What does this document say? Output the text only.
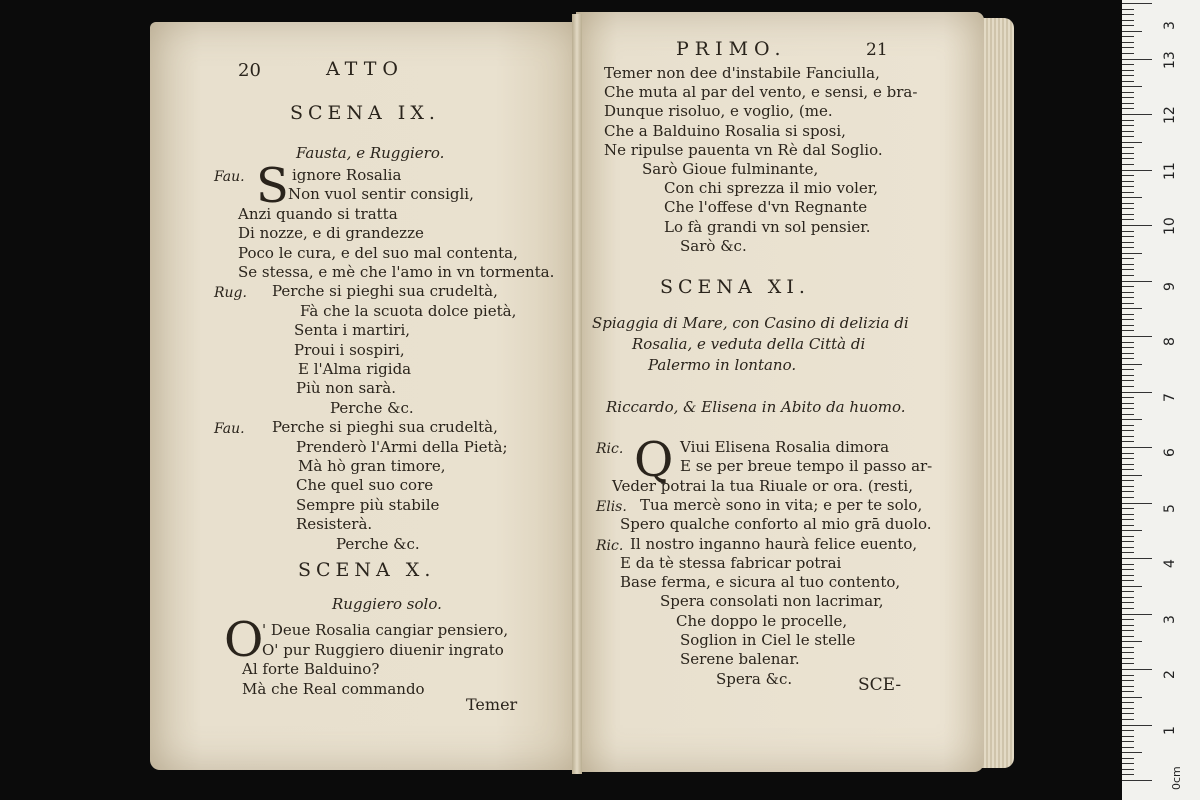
20	ATTO
SCENA IX.
Fausta, e Ruggiero.
S
Fau.	ignore Rosalia
Non vuol sentir consigli,
Anzi quando si tratta
Di nozze, e di grandezze
Poco le cura, e del suo mal contenta,
Se stessa, e mè che l'amo in vn tormenta.
Rug. Perche si pieghi sua crudeltà,
Fà che la scuota dolce pietà,
Senta i martiri,
Proui i sospiri,
E l'Alma rigida
Più non sarà.
Perche &c.
Fau. Perche si pieghi sua crudeltà,
Prenderò l'Armi della Pietà;
Mà hò gran timore,
Che quel suo core
Sempre più stabile
Resisterà.
Perche &c.
SCENA X.
Ruggiero solo.
O
' Deue Rosalia cangiar pensiero,
O' pur Ruggiero diuenir ingrato
Al forte Balduino?
Mà che Real commando
Temer
PRIMO.	21
Temer non dee d'instabile Fanciulla,
Che muta al par del vento, e sensi, e bra-
Dunque risoluo, e voglio, (me.
Che a Balduino Rosalia si sposi,
Ne ripulse pauenta vn Rè dal Soglio.
Sarò Gioue fulminante,
Con chi sprezza il mio voler,
Che l'offese d'vn Regnante
Lo fà grandi vn sol pensier.
Sarò &c.
SCENA XI.
Spiaggia di Mare, con Casino di delizia di
Rosalia, e veduta della Città di
Palermo in lontano.
Riccardo, & Elisena in Abito da huomo.
Q
Ric.	Viui Elisena Rosalia dimora
E se per breue tempo il passo ar-
Veder potrai la tua Riuale or ora. (resti,
Elis. Tua mercè sono in vita; e per te solo,
Spero qualche conforto al mio grā duolo.
Ric. Il nostro inganno haurà felice euento,
E da tè stessa fabricar potrai
Base ferma, e sicura al tuo contento,
Spera consolati non lacrimar,
Che doppo le procelle,
Soglion in Ciel le stelle
Serene balenar.
Spera &c.	SCE-
3
0cm
13
12
11
10
9
8
7
6
5
4
3
2
1
